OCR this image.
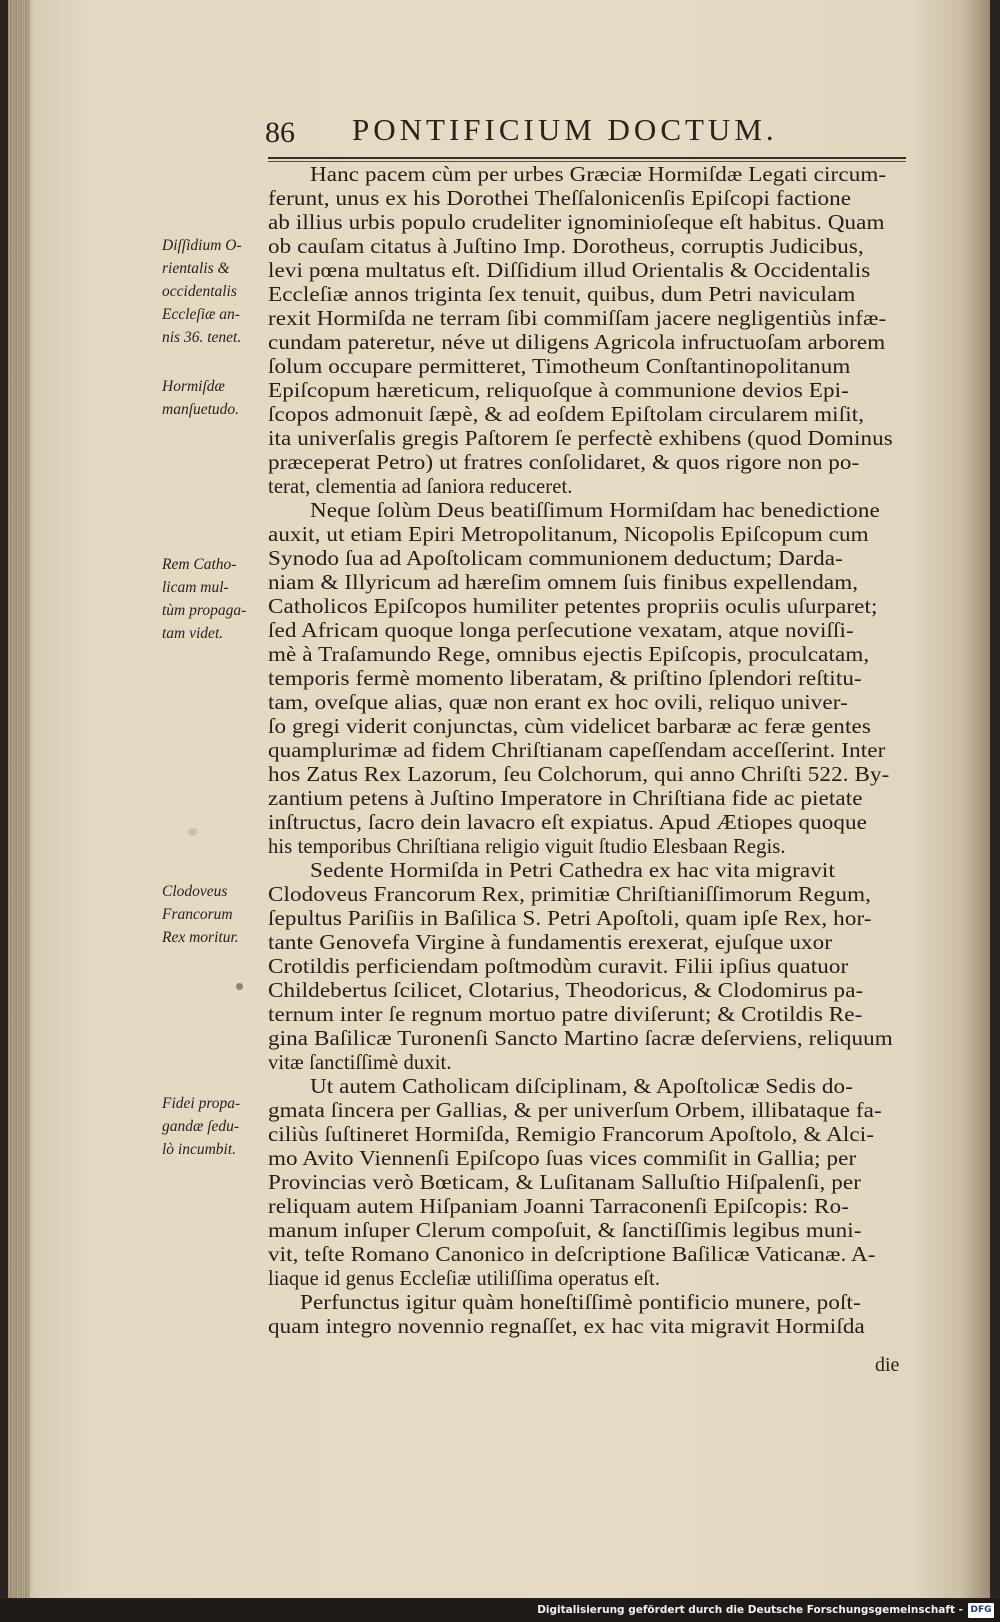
86 PONTIFICIUM DOCTUM.
Hanc pacem cùm per urbes Græciæ Hormiſdæ Legati circum-
ferunt, unus ex his Dorothei Theſſalonicenſis Epiſcopi factione
ab illius urbis populo crudeliter ignominioſeque eſt habitus. Quam
ob cauſam citatus à Juſtino Imp. Dorotheus, corruptis Judicibus,
levi pœna multatus eſt. Diſſidium illud Orientalis & Occidentalis
Eccleſiæ annos triginta ſex tenuit, quibus, dum Petri naviculam
rexit Hormiſda ne terram ſibi commiſſam jacere negligentiùs infæ-
cundam pateretur, néve ut diligens Agricola infructuoſam arborem
ſolum occupare permitteret, Timotheum Conſtantinopolitanum
Epiſcopum hæreticum, reliquoſque à communione devios Epi-
ſcopos admonuit ſæpè, & ad eoſdem Epiſtolam circularem miſit,
ita univerſalis gregis Paſtorem ſe perfectè exhibens (quod Dominus
præceperat Petro) ut fratres conſolidaret, & quos rigore non po-
terat, clementia ad ſaniora reduceret.
Neque ſolùm Deus beatiſſimum Hormiſdam hac benedictione
auxit, ut etiam Epiri Metropolitanum, Nicopolis Epiſcopum cum
Synodo ſua ad Apoſtolicam communionem deductum; Darda-
niam & Illyricum ad hæreſim omnem ſuis finibus expellendam,
Catholicos Epiſcopos humiliter petentes propriis oculis uſurparet;
ſed Africam quoque longa perſecutione vexatam, atque noviſſi-
mè à Traſamundo Rege, omnibus ejectis Epiſcopis, proculcatam,
temporis fermè momento liberatam, & priſtino ſplendori reſtitu-
tam, oveſque alias, quæ non erant ex hoc ovili, reliquo univer-
ſo gregi viderit conjunctas, cùm videlicet barbaræ ac feræ gentes
quamplurimæ ad fidem Chriſtianam capeſſendam acceſſerint. Inter
hos Zatus Rex Lazorum, ſeu Colchorum, qui anno Chriſti 522. By-
zantium petens à Juſtino Imperatore in Chriſtiana fide ac pietate
inſtructus, ſacro dein lavacro eſt expiatus. Apud Ætiopes quoque
his temporibus Chriſtiana religio viguit ſtudio Elesbaan Regis.
Sedente Hormiſda in Petri Cathedra ex hac vita migravit
Clodoveus Francorum Rex, primitiæ Chriſtianiſſimorum Regum,
ſepultus Pariſiis in Baſilica S. Petri Apoſtoli, quam ipſe Rex, hor-
tante Genovefa Virgine à fundamentis erexerat, ejuſque uxor
Crotildis perficiendam poſtmodùm curavit. Filii ipſius quatuor
Childebertus ſcilicet, Clotarius, Theodoricus, & Clodomirus pa-
ternum inter ſe regnum mortuo patre diviſerunt; & Crotildis Re-
gina Baſilicæ Turonenſi Sancto Martino ſacræ deſerviens, reliquum
vitæ ſanctiſſimè duxit.
Ut autem Catholicam diſciplinam, & Apoſtolicæ Sedis do-
gmata ſincera per Gallias, & per univerſum Orbem, illibataque fa-
ciliùs ſuſtineret Hormiſda, Remigio Francorum Apoſtolo, & Alci-
mo Avito Viennenſi Epiſcopo ſuas vices commiſit in Gallia; per
Provincias verò Bœticam, & Luſitanam Salluſtio Hiſpalenſi, per
reliquam autem Hiſpaniam Joanni Tarraconenſi Epiſcopis: Ro-
manum inſuper Clerum compoſuit, & ſanctiſſimis legibus muni-
vit, teſte Romano Canonico in deſcriptione Baſilicæ Vaticanæ. A-
liaque id genus Eccleſiæ utiliſſima operatus eſt.
Perfunctus igitur quàm honeſtiſſimè pontificio munere, poſt-
quam integro novennio regnaſſet, ex hac vita migravit Hormiſda
Diſſidium O-
rientalis &
occidentalis
Eccleſiæ an-
nis 36. tenet.
Hormiſdæ
manſuetudo.
Rem Catho-
licam mul-
tùm propaga-
tam videt.
Clodoveus
Francorum
Rex moritur.
Fidei propa-
gandæ ſedu-
lò incumbit.
die
Digitalisierung gefördert durch die Deutsche Forschungsgemeinschaft - DFG
